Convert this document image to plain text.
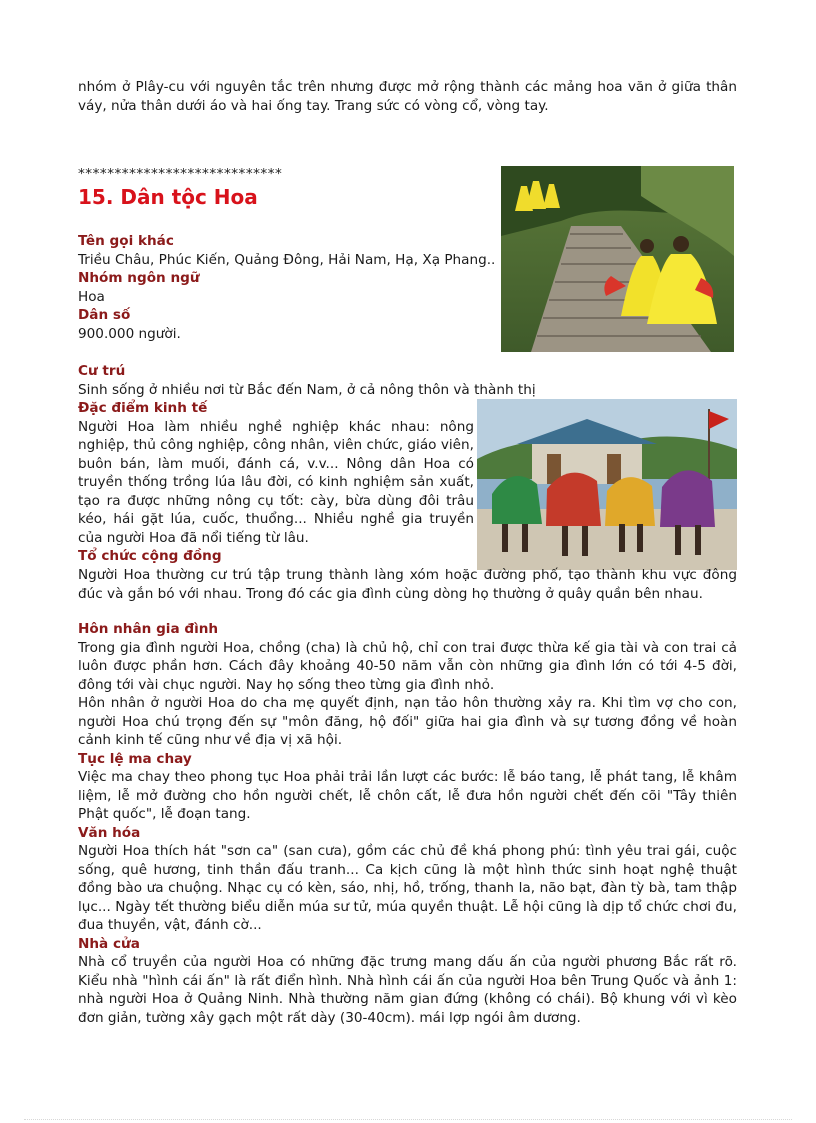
nhóm ở Plây-cu với nguyên tắc trên nhưng được mở rộng thành các mảng hoa văn ở giữa thân váy, nửa thân dưới áo và hai ống tay. Trang sức có vòng cổ, vòng tay.

****************************

15. Dân tộc Hoa

Tên gọi khác

Triều Châu, Phúc Kiến, Quảng Đông, Hải Nam, Hạ, Xạ Phang..

Nhóm ngôn ngữ

Hoa

Dân số

900.000 người.

Cư trú

Sinh sống ở nhiều nơi từ Bắc đến Nam, ở cả nông thôn và thành thị

Đặc điểm kinh tế

Người Hoa làm nhiều nghề nghiệp khác nhau: nông nghiệp, thủ công nghiệp, công nhân, viên chức, giáo viên, buôn bán, làm muối, đánh cá, v.v... Nông dân Hoa có truyền thống trồng lúa lâu đời, có kinh nghiệm sản xuất, tạo ra được những nông cụ tốt: cày, bừa dùng đôi trâu kéo, hái gặt lúa, cuốc, thuổng... Nhiều nghề gia truyền của người Hoa đã nổi tiếng từ lâu.

Tổ chức cộng đồng

Người Hoa thường cư trú tập trung thành làng xóm hoặc đường phố, tạo thành khu vực đông đúc và gắn bó với nhau. Trong đó các gia đình cùng dòng họ thường ở quây quần bên nhau.

Hôn nhân gia đình

Trong gia đình người Hoa, chồng (cha) là chủ hộ, chỉ con trai được thừa kế gia tài và con trai cả luôn được phần hơn. Cách đây khoảng 40-50 năm vẫn còn những gia đình lớn có tới 4-5 đời, đông tới vài chục người. Nay họ sống theo từng gia đình nhỏ.

Hôn nhân ở người Hoa do cha mẹ quyết định, nạn tảo hôn thường xảy ra. Khi tìm vợ cho con, người Hoa chú trọng đến sự "môn đăng, hộ đối" giữa hai gia đình và sự tương đồng về hoàn cảnh kinh tế cũng như về địa vị xã hội.

Tục lệ ma chay

Việc ma chay theo phong tục Hoa phải trải lần lượt các bước: lễ báo tang, lễ phát tang, lễ khâm liệm, lễ mở đường cho hồn người chết, lễ chôn cất, lễ đưa hồn người chết đến cõi "Tây thiên Phật quốc", lễ đoạn tang.

Văn hóa

Người Hoa thích hát "sơn ca" (san cưa), gồm các chủ đề khá phong phú: tình yêu trai gái, cuộc sống, quê hương, tinh thần đấu tranh... Ca kịch cũng là một hình thức sinh hoạt nghệ thuật đồng bào ưa chuộng. Nhạc cụ có kèn, sáo, nhị, hồ, trống, thanh la, não bạt, đàn tỳ bà, tam thập lục... Ngày tết thường biểu diễn múa sư tử, múa quyền thuật. Lễ hội cũng là dịp tổ chức chơi đu, đua thuyền, vật, đánh cờ...

Nhà cửa

Nhà cổ truyền của người Hoa có những đặc trưng mang dấu ấn của người phương Bắc rất rõ. Kiểu nhà "hình cái ấn" là rất điển hình. Nhà hình cái ấn của người Hoa bên Trung Quốc và ảnh 1: nhà người Hoa ở Quảng Ninh. Nhà thường năm gian đứng (không có chái). Bộ khung với vì kèo đơn giản, tường xây gạch một rất dày (30-40cm). mái lợp ngói âm dương.
